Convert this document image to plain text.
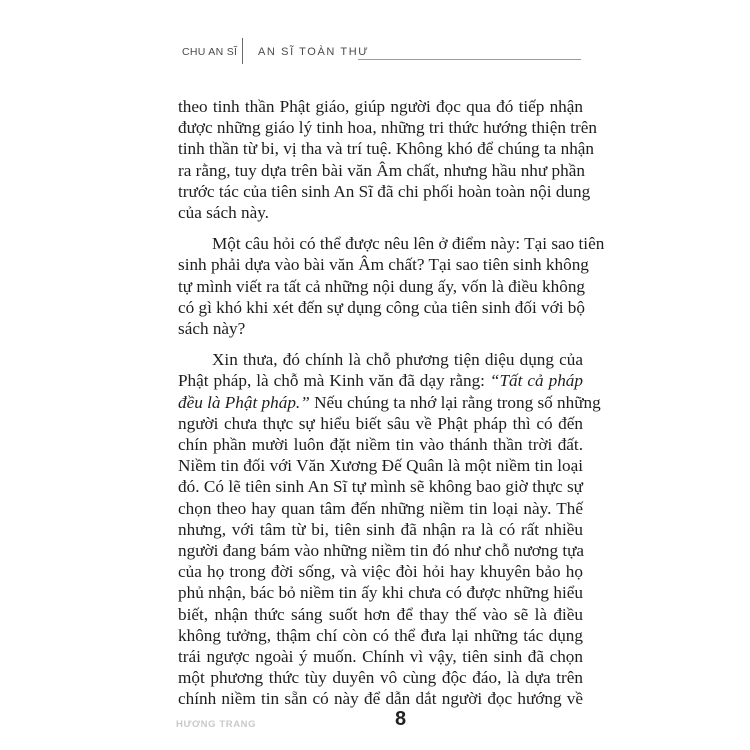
CHU AN SĨ AN SĨ TOÀN THƯ

theo tinh thần Phật giáo, giúp người đọc qua đó tiếp nhận
được những giáo lý tinh hoa, những tri thức hướng thiện trên
tinh thần từ bi, vị tha và trí tuệ. Không khó để chúng ta nhận
ra rằng, tuy dựa trên bài văn Âm chất, nhưng hầu như phần
trước tác của tiên sinh An Sĩ đã chi phối hoàn toàn nội dung
của sách này.

Một câu hỏi có thể được nêu lên ở điểm này: Tại sao tiên
sinh phải dựa vào bài văn Âm chất? Tại sao tiên sinh không
tự mình viết ra tất cả những nội dung ấy, vốn là điều không
có gì khó khi xét đến sự dụng công của tiên sinh đối với bộ
sách này?

Xin thưa, đó chính là chỗ phương tiện diệu dụng của
Phật pháp, là chỗ mà Kinh văn đã dạy rằng: “Tất cả pháp
đều là Phật pháp.” Nếu chúng ta nhớ lại rằng trong số những
người chưa thực sự hiểu biết sâu về Phật pháp thì có đến
chín phần mười luôn đặt niềm tin vào thánh thần trời đất.
Niềm tin đối với Văn Xương Đế Quân là một niềm tin loại
đó. Có lẽ tiên sinh An Sĩ tự mình sẽ không bao giờ thực sự
chọn theo hay quan tâm đến những niềm tin loại này. Thế
nhưng, với tâm từ bi, tiên sinh đã nhận ra là có rất nhiều
người đang bám vào những niềm tin đó như chỗ nương tựa
của họ trong đời sống, và việc đòi hỏi hay khuyên bảo họ
phủ nhận, bác bỏ niềm tin ấy khi chưa có được những hiểu
biết, nhận thức sáng suốt hơn để thay thế vào sẽ là điều
không tưởng, thậm chí còn có thể đưa lại những tác dụng
trái ngược ngoài ý muốn. Chính vì vậy, tiên sinh đã chọn
một phương thức tùy duyên vô cùng độc đáo, là dựa trên
chính niềm tin sẵn có này để dẫn dắt người đọc hướng về

HƯƠNG TRANG	8
